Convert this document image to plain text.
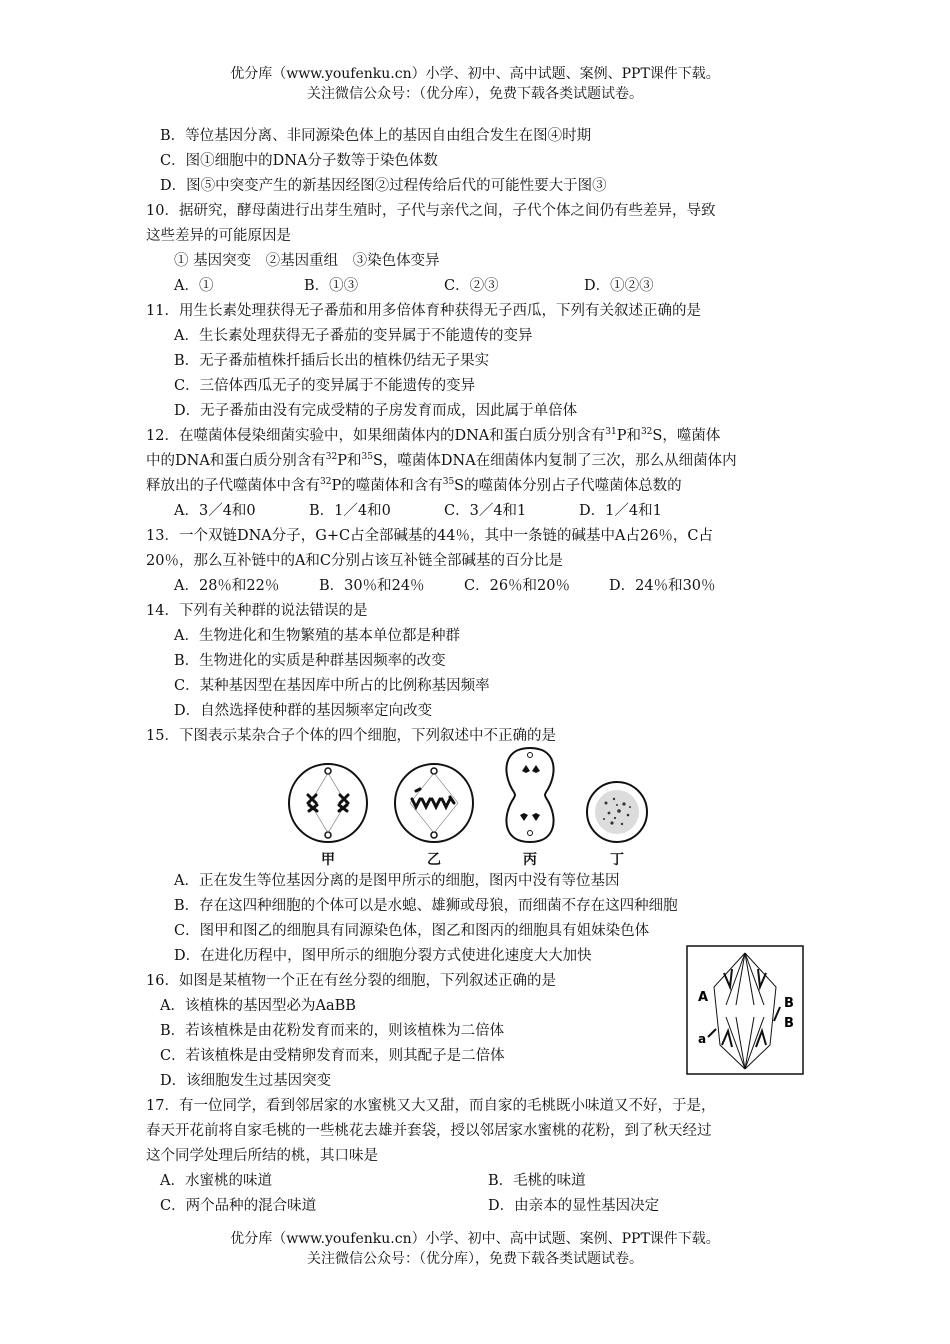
优分库（www.youfenku.cn）小学、初中、高中试题、案例、PPT课件下载。
关注微信公众号：（优分库），免费下载各类试题试卷。
B．等位基因分离、非同源染色体上的基因自由组合发生在图④时期
C．图①细胞中的DNA分子数等于染色体数
D．图⑤中突变产生的新基因经图②过程传给后代的可能性要大于图③
10．据研究，酵母菌进行出芽生殖时，子代与亲代之间，子代个体之间仍有些差异，导致
这些差异的可能原因是
① 基因突变　②基因重组　③染色体变异
A．①	B．①③	C．②③	D．①②③
11．用生长素处理获得无子番茄和用多倍体育种获得无子西瓜，下列有关叙述正确的是
A．生长素处理获得无子番茄的变异属于不能遗传的变异
B．无子番茄植株扦插后长出的植株仍结无子果实
C．三倍体西瓜无子的变异属于不能遗传的变异
D．无子番茄由没有完成受精的子房发育而成，因此属于单倍体
12．在噬菌体侵染细菌实验中，如果细菌体内的DNA和蛋白质分别含有$^{31}$P和$^{32}$S，噬菌体
中的DNA和蛋白质分别含有$^{32}$P和$^{35}$S，噬菌体DNA在细菌体内复制了三次，那么从细菌体内
释放出的子代噬菌体中含有$^{32}$P的噬菌体和含有$^{35}$S的噬菌体分别占子代噬菌体总数的
A．3／4和0	B．1／4和0	C．3／4和1	D．1／4和1
13．一个双链DNA分子，G+C占全部碱基的44％，其中一条链的碱基中A占26％，C占
20％，那么互补链中的A和C分别占该互补链全部碱基的百分比是
A．28％和22％	B．30％和24％	C．26％和20％	D．24％和30％
14．下列有关种群的说法错误的是
A．生物进化和生物繁殖的基本单位都是种群
B．生物进化的实质是种群基因频率的改变
C．某种基因型在基因库中所占的比例称基因频率
D．自然选择使种群的基因频率定向改变
15．下图表示某杂合子个体的四个细胞，下列叙述中不正确的是
甲	乙	丙	丁
A．正在发生等位基因分离的是图甲所示的细胞，图丙中没有等位基因
B．存在这四种细胞的个体可以是水螅、雄狮或母狼，而细菌不存在这四种细胞
C．图甲和图乙的细胞具有同源染色体，图乙和图丙的细胞具有姐妹染色体
D．在进化历程中，图甲所示的细胞分裂方式使进化速度大大加快
16．如图是某植物一个正在有丝分裂的细胞，下列叙述正确的是
A．该植株的基因型必为AaBB
B．若该植株是由花粉发育而来的，则该植株为二倍体
C．若该植株是由受精卵发育而来，则其配子是二倍体
D．该细胞发生过基因突变
A
a
B
B
17．有一位同学，看到邻居家的水蜜桃又大又甜，而自家的毛桃既小味道又不好，于是，
春天开花前将自家毛桃的一些桃花去雄并套袋，授以邻居家水蜜桃的花粉，到了秋天经过
这个同学处理后所结的桃，其口味是
A．水蜜桃的味道	B．毛桃的味道
C．两个品种的混合味道	D．由亲本的显性基因决定
优分库（www.youfenku.cn）小学、初中、高中试题、案例、PPT课件下载。
关注微信公众号：（优分库），免费下载各类试题试卷。
